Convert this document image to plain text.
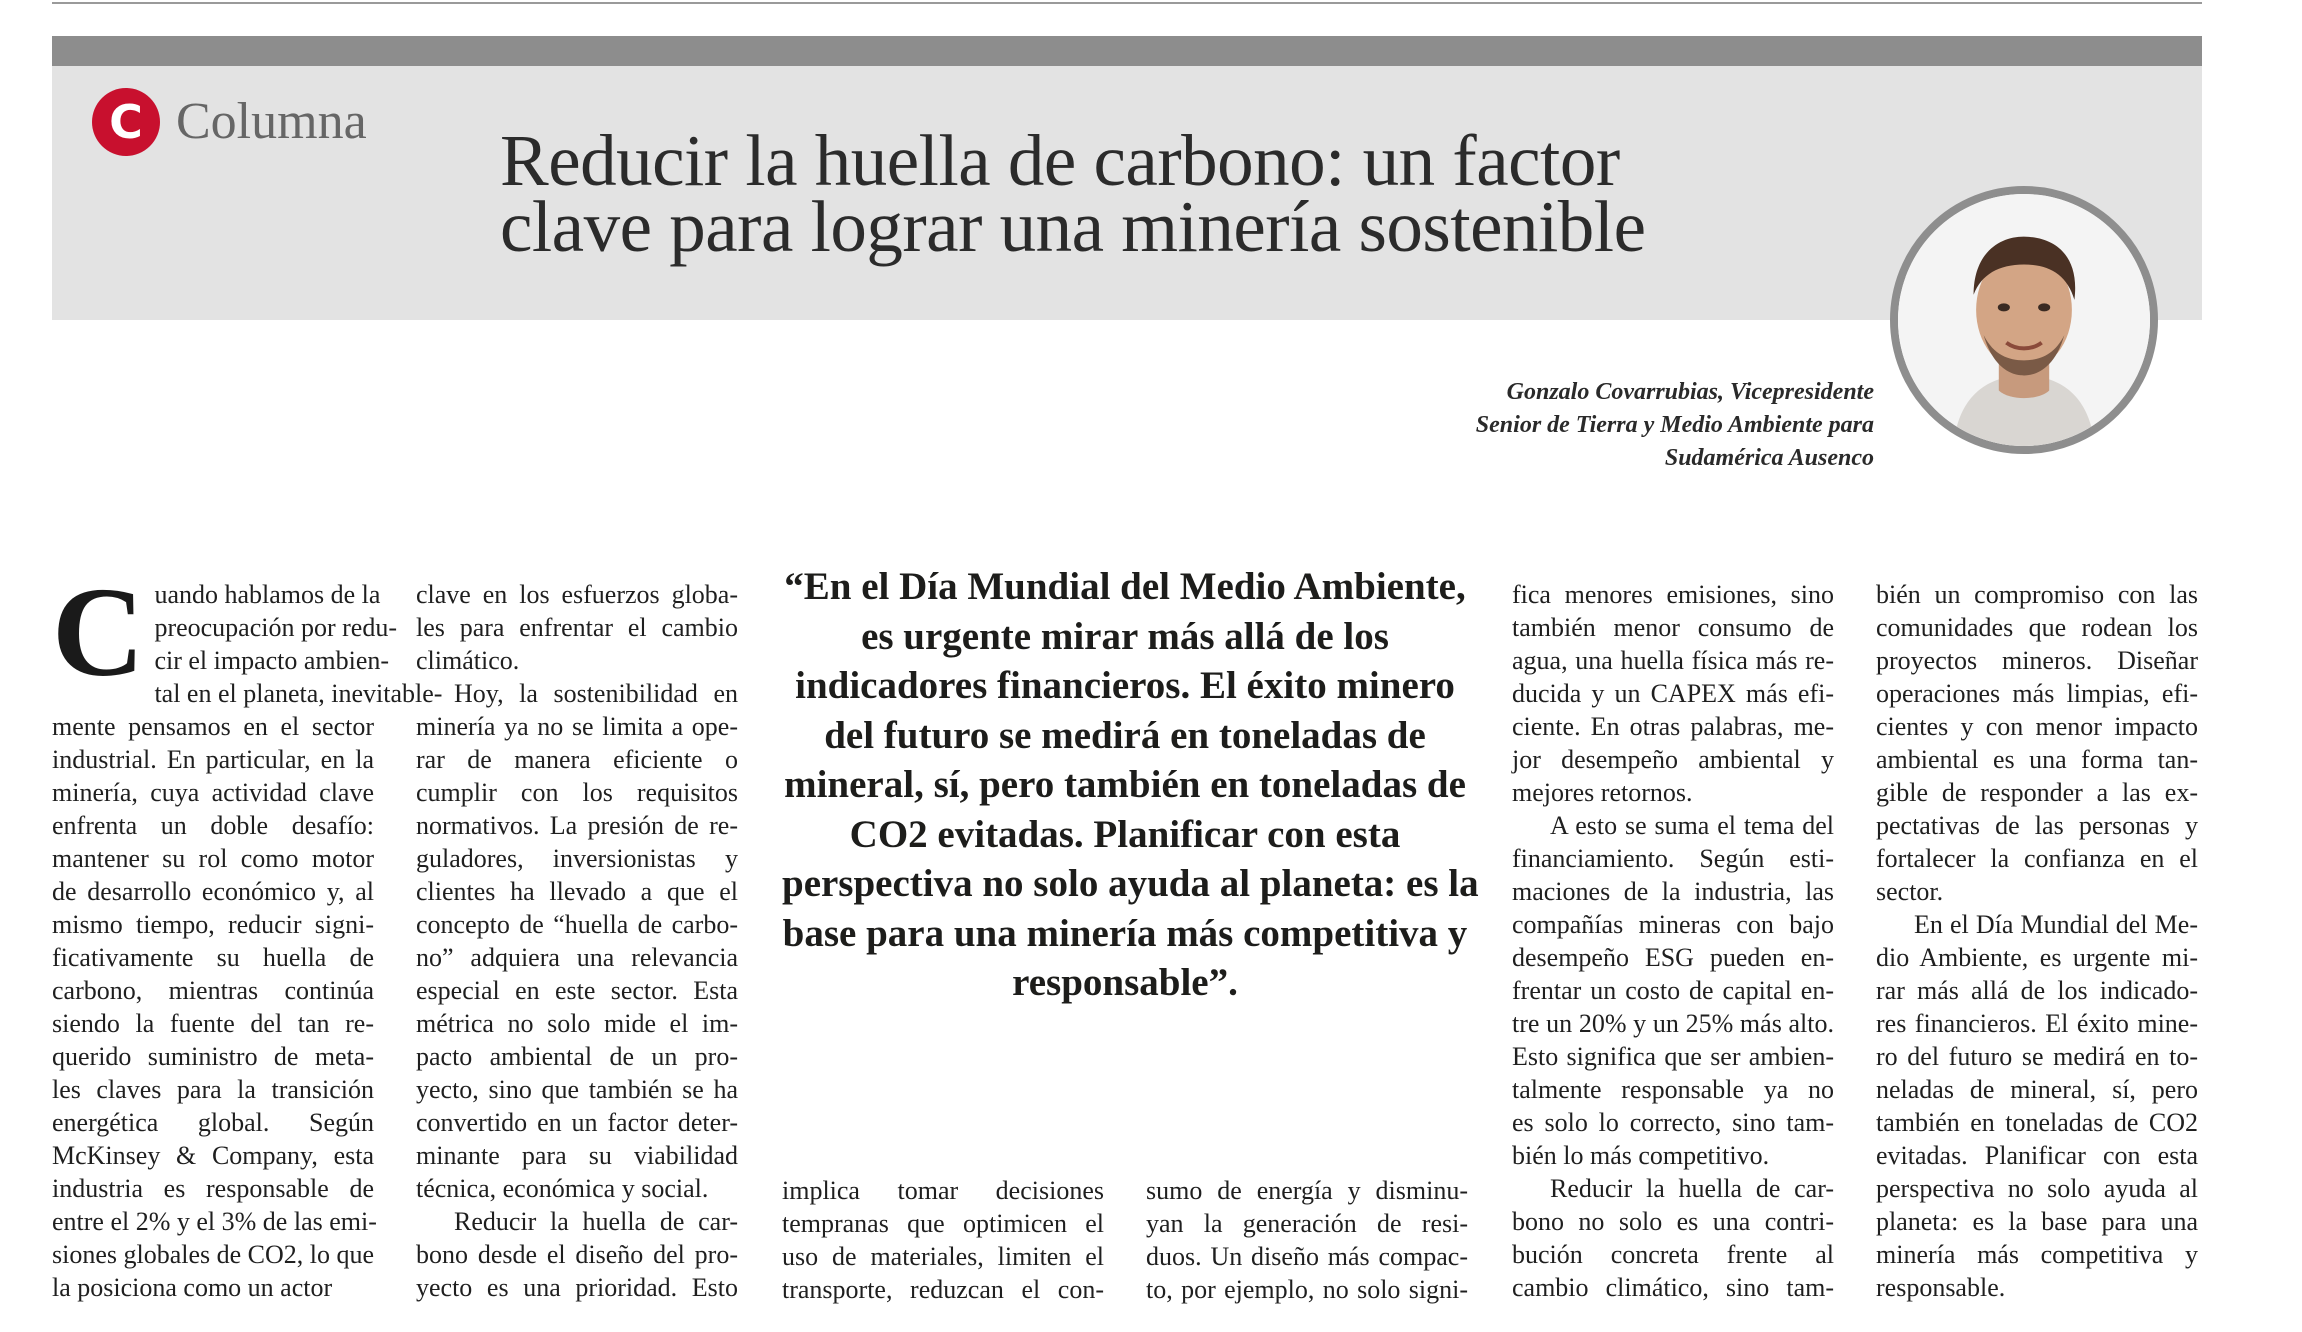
C Columna Reducir la huella de carbono: un factor
clave para lograr una minería sostenible
Gonzalo Covarrubias, Vicepresidente
Senior de Tierra y Medio Ambiente para
Sudamérica Ausenco
C uando hablamos de la
preocupación por redu-
cir el impacto ambien-
tal en el planeta, inevitable-
mente pensamos en el sector
industrial. En particular, en la
minería, cuya actividad clave
enfrenta un doble desafío:
mantener su rol como motor
de desarrollo económico y, al
mismo tiempo, reducir signi-
ficativamente su huella de
carbono, mientras continúa
siendo la fuente del tan re-
querido suministro de meta-
les claves para la transición
energética global. Según
McKinsey & Company, esta
industria es responsable de
entre el 2% y el 3% de las emi-
siones globales de CO2, lo que
la posiciona como un actor
clave en los esfuerzos globa-
les para enfrentar el cambio
climático.
Hoy, la sostenibilidad en
minería ya no se limita a ope-
rar de manera eficiente o
cumplir con los requisitos
normativos. La presión de re-
guladores, inversionistas y
clientes ha llevado a que el
concepto de “huella de carbo-
no” adquiera una relevancia
especial en este sector. Esta
métrica no solo mide el im-
pacto ambiental de un pro-
yecto, sino que también se ha
convertido en un factor deter-
minante para su viabilidad
técnica, económica y social.
Reducir la huella de car-
bono desde el diseño del pro-
yecto es una prioridad. Esto
implica tomar decisiones
tempranas que optimicen el
uso de materiales, limiten el
transporte, reduzcan el con-
sumo de energía y disminu-
yan la generación de resi-
duos. Un diseño más compac-
to, por ejemplo, no solo signi-
fica menores emisiones, sino
también menor consumo de
agua, una huella física más re-
ducida y un CAPEX más efi-
ciente. En otras palabras, me-
jor desempeño ambiental y
mejores retornos.
A esto se suma el tema del
financiamiento. Según esti-
maciones de la industria, las
compañías mineras con bajo
desempeño ESG pueden en-
frentar un costo de capital en-
tre un 20% y un 25% más alto.
Esto significa que ser ambien-
talmente responsable ya no
es solo lo correcto, sino tam-
bién lo más competitivo.
Reducir la huella de car-
bono no solo es una contri-
bución concreta frente al
cambio climático, sino tam-
bién un compromiso con las
comunidades que rodean los
proyectos mineros. Diseñar
operaciones más limpias, efi-
cientes y con menor impacto
ambiental es una forma tan-
gible de responder a las ex-
pectativas de las personas y
fortalecer la confianza en el
sector.
En el Día Mundial del Me-
dio Ambiente, es urgente mi-
rar más allá de los indicado-
res financieros. El éxito mine-
ro del futuro se medirá en to-
neladas de mineral, sí, pero
también en toneladas de CO2
evitadas. Planificar con esta
perspectiva no solo ayuda al
planeta: es la base para una
minería más competitiva y
responsable.
“En el Día Mundial del Medio Ambiente,
es urgente mirar más allá de los
indicadores financieros. El éxito minero
del futuro se medirá en toneladas de
mineral, sí, pero también en toneladas de
CO2 evitadas. Planificar con esta
perspectiva no solo ayuda al planeta: es la
base para una minería más competitiva y
responsable”.
